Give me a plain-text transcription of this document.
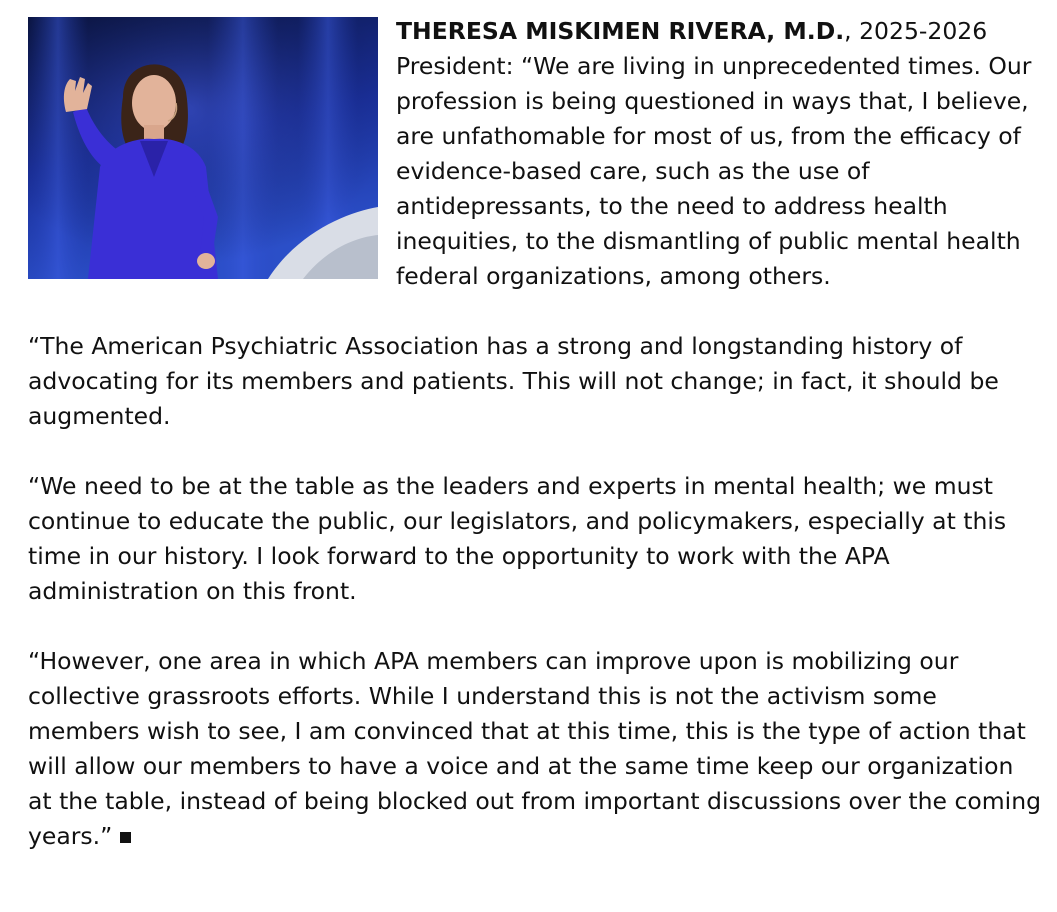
THERESA MISKIMEN RIVERA, M.D., 2025-2026 President: “We are living in unprecedented times. Our profession is being questioned in ways that, I believe, are unfathomable for most of us, from the efficacy of evidence-based care, such as the use of antidepressants, to the need to address health inequities, to the dismantling of public mental health federal organizations, among others.

“The American Psychiatric Association has a strong and longstanding history of advocating for its members and patients. This will not change; in fact, it should be augmented.

“We need to be at the table as the leaders and experts in mental health; we must continue to educate the public, our legislators, and policymakers, especially at this time in our history. I look forward to the opportunity to work with the APA administration on this front.

“However, one area in which APA members can improve upon is mobilizing our collective grassroots efforts. While I understand this is not the activism some members wish to see, I am convinced that at this time, this is the type of action that will allow our members to have a voice and at the same time keep our organization at the table, instead of being blocked out from important discussions over the coming years.”
